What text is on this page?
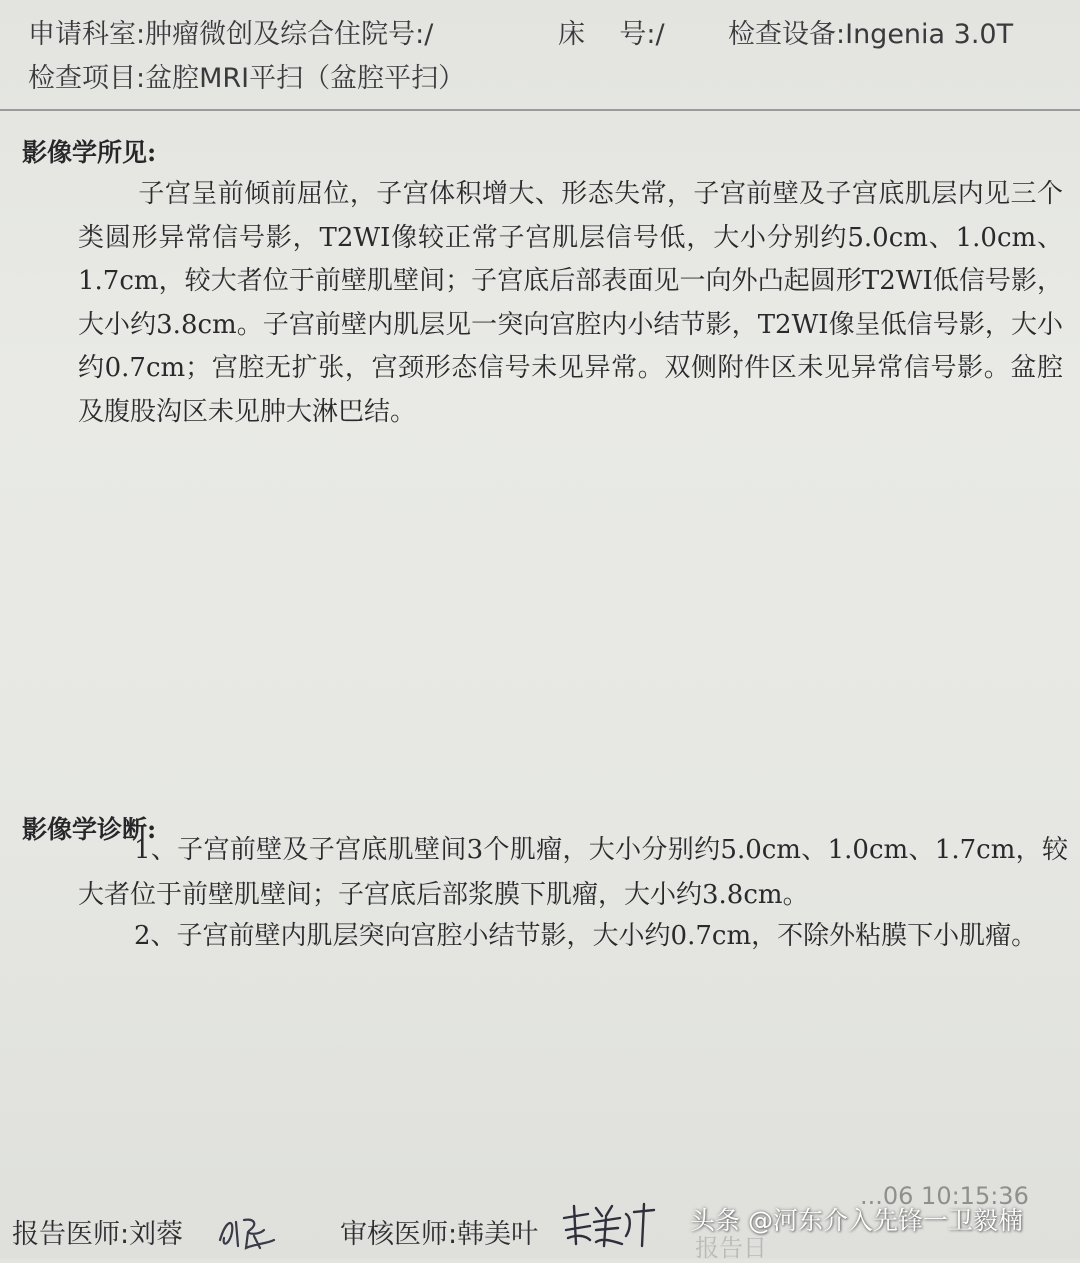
申请科室:肿瘤微创及综合住院号:/	床    号:/ 检查设备:Ingenia 3.0T
检查项目:盆腔MRI平扫（盆腔平扫）
影像学所见:

子宫呈前倾前屈位，子宫体积增大、形态失常，子宫前壁及子宫底肌层内见三个类圆形异常信号影，T2WI像较正常子宫肌层信号低，大小分别约5.0cm、1.0cm、1.7cm，较大者位于前壁肌壁间；子宫底后部表面见一向外凸起圆形T2WI低信号影，大小约3.8cm。子宫前壁内肌层见一突向宫腔内小结节影，T2WI像呈低信号影，大小约0.7cm；宫腔无扩张，宫颈形态信号未见异常。双侧附件区未见异常信号影。盆腔及腹股沟区未见肿大淋巴结。

影像学诊断:

1、子宫前壁及子宫底肌壁间3个肌瘤，大小分别约5.0cm、1.0cm、1.7cm，较大者位于前壁肌壁间；子宫底后部浆膜下肌瘤，大小约3.8cm。

2、子宫前壁内肌层突向宫腔小结节影，大小约0.7cm，不除外粘膜下小肌瘤。

报告医师:刘蓉	审核医师:韩美叶	报告日
...06 10:15:36
头条 @河东介入先锋一卫毅楠
